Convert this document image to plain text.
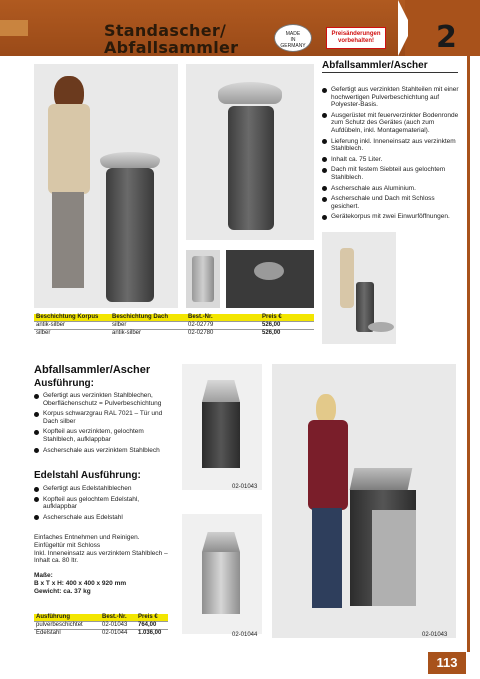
Standascher/
Abfallsammler
MADE
IN
GERMANY
Preisänderungen vorbehalten!	2
Abfallsammler/Ascher
Gefertigt aus verzinkten Stahlteilen mit einer hochwertigen Pulverbeschichtung auf Polyester-Basis.
Ausgerüstet mit feuerverzinkter Bodenronde zum Schutz des Gerätes (auch zum Aufdübeln, inkl. Montagematerial).
Lieferung inkl. Inneneinsatz aus verzinktem Stahlblech.
Inhalt ca. 75 Liter.
Dach mit festem Siebteil aus gelochtem Stahlblech.
Ascherschale aus Aluminium.
Ascherschale und Dach mit Schloss gesichert.
Gerätekorpus mit zwei Einwurföffnungen.
Beschichtung Korpus	Beschichtung Dach	Best.-Nr.	Preis €
antik-silber	silber	02-02779	526,00
silber	antik-silber	02-02780	526,00
Abfallsammler/Ascher
Ausführung:
Gefertigt aus verzinkten Stahlblechen, Oberflächenschutz = Pulverbeschichtung
Korpus schwarzgrau RAL 7021 – Tür und Dach silber
Kopfteil aus verzinktem, gelochtem Stahlblech, aufklappbar
Ascherschale aus verzinktem Stahlblech
Edelstahl Ausführung:
Gefertigt aus Edelstahlblechen
Kopfteil aus gelochtem Edelstahl, aufklappbar
Ascherschale aus Edelstahl
Einfaches Entnehmen und Reinigen.
Einfügeltür mit Schloss
Inkl. Inneneinsatz aus verzinktem Stahlblech –
Inhalt ca. 80 ltr.
Maße:
B x T x H: 400 x 400 x 920 mm
Gewicht: ca. 37 kg
Ausführung	Best.-Nr.	Preis €
pulverbeschichtet	02-01043	764,00
Edelstahl	02-01044	1.036,00
02-01043
02-01044	02-01043
113
